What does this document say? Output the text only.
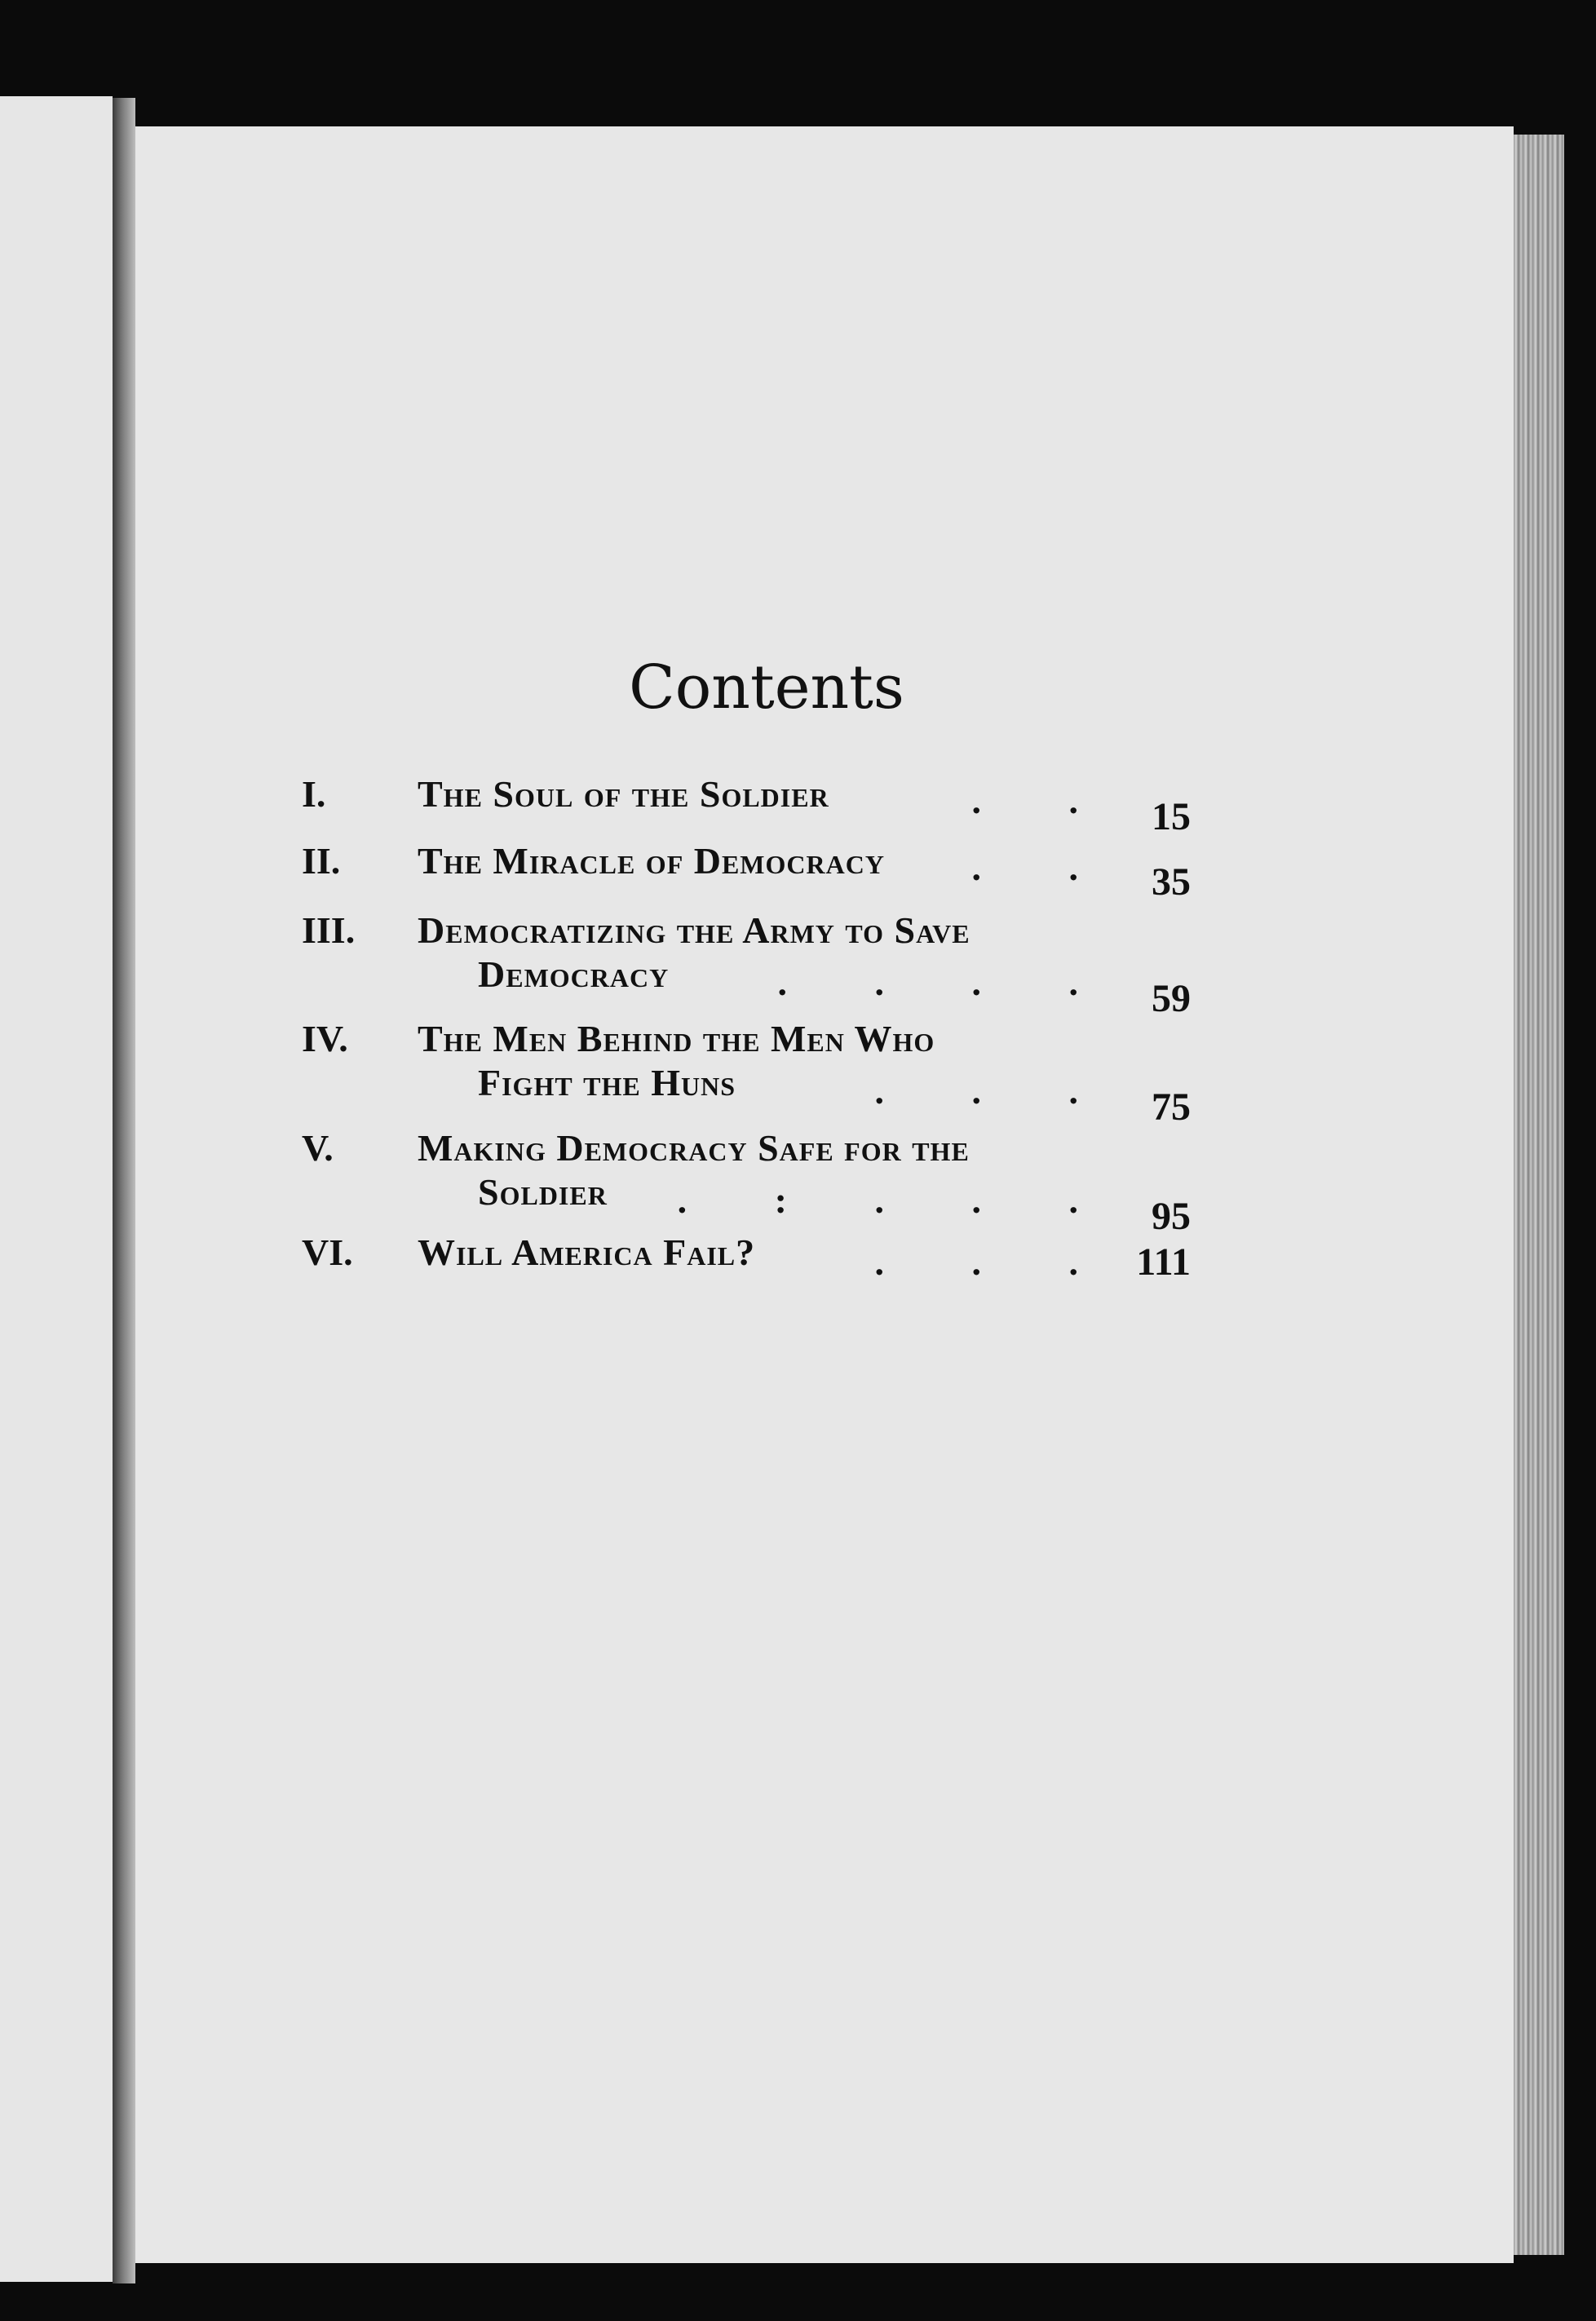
Contents
I.	The Soul of the Soldier	. . 15
II.	The Miracle of Democracy	. . 35
III.	Democratizing the Army to Save
Democracy	. . . . 59
IV.	The Men Behind the Men Who
Fight the Huns	. . . 75
V.	Making Democracy Safe for the
Soldier	. : . . . 95
VI.	Will America Fail?	. . . 111
